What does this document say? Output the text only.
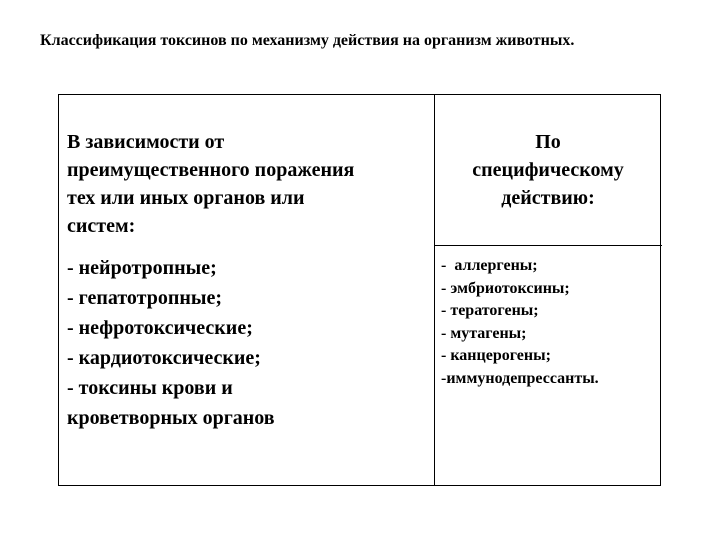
Классификация токсинов по механизму действия на организм животных.
В зависимости от
преимущественного поражения
тех или иных органов или
систем:
По
специфическому
действию:
- нейротропные;
- гепатотропные;
- нефротоксические;
- кардиотоксические;
- токсины крови и
кроветворных органов
-  аллергены;
- эмбриотоксины;
- тератогены;
- мутагены;
- канцерогены;
-иммунодепрессанты.
